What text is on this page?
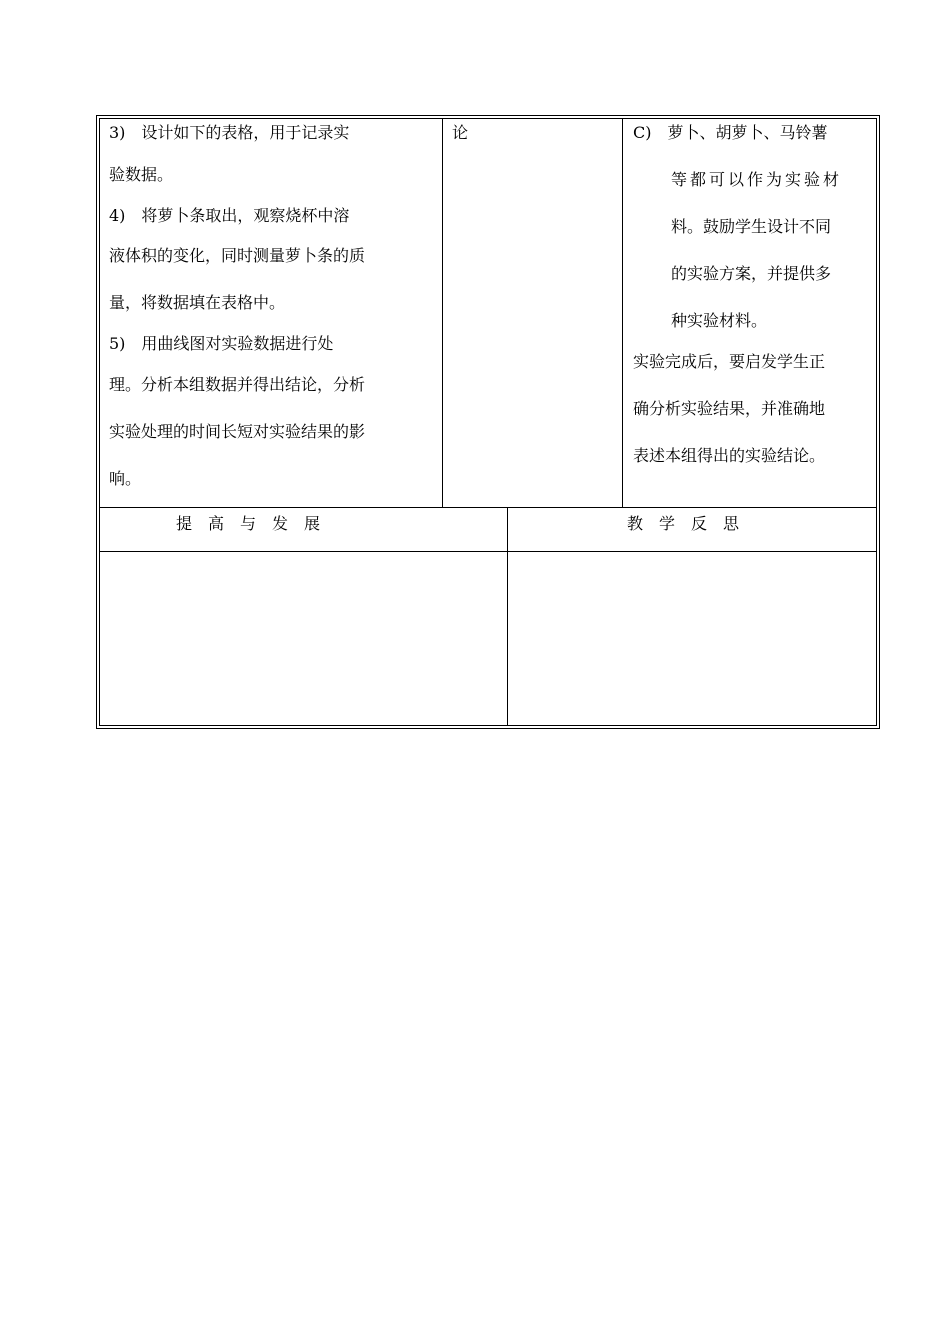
3)　设计如下的表格，用于记录实
验数据。
4)　将萝卜条取出，观察烧杯中溶
液体积的变化，同时测量萝卜条的质
量，将数据填在表格中。
5)　用曲线图对实验数据进行处
理。分析本组数据并得出结论，分析
实验处理的时间长短对实验结果的影
响。
论	C)　萝卜、胡萝卜、马铃薯
等都可以作为实验材
料。鼓励学生设计不同
的实验方案，并提供多
种实验材料。
实验完成后，要启发学生正
确分析实验结果，并准确地
表述本组得出的实验结论。
提　高　与　发　展	教　学　反　思
